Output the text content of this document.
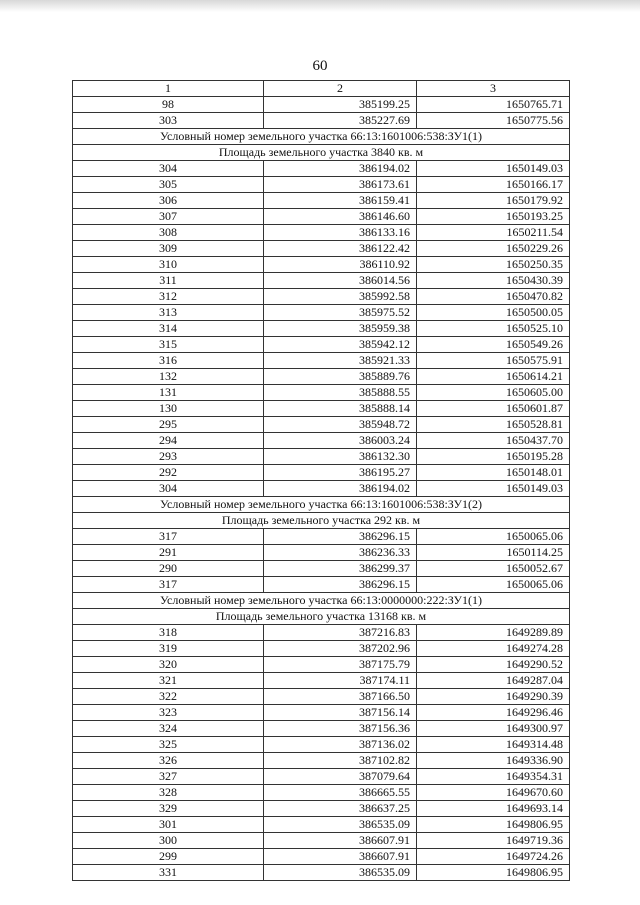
60
1	2	3
98	385199.25	1650765.71
303	385227.69	1650775.56
Условный номер земельного участка 66:13:1601006:538:ЗУ1(1)		
Площадь земельного участка 3840 кв. м		
304	386194.02	1650149.03
305	386173.61	1650166.17
306	386159.41	1650179.92
307	386146.60	1650193.25
308	386133.16	1650211.54
309	386122.42	1650229.26
310	386110.92	1650250.35
311	386014.56	1650430.39
312	385992.58	1650470.82
313	385975.52	1650500.05
314	385959.38	1650525.10
315	385942.12	1650549.26
316	385921.33	1650575.91
132	385889.76	1650614.21
131	385888.55	1650605.00
130	385888.14	1650601.87
295	385948.72	1650528.81
294	386003.24	1650437.70
293	386132.30	1650195.28
292	386195.27	1650148.01
304	386194.02	1650149.03
Условный номер земельного участка 66:13:1601006:538:ЗУ1(2)		
Площадь земельного участка 292 кв. м		
317	386296.15	1650065.06
291	386236.33	1650114.25
290	386299.37	1650052.67
317	386296.15	1650065.06
Условный номер земельного участка 66:13:0000000:222:ЗУ1(1)		
Площадь земельного участка 13168 кв. м		
318	387216.83	1649289.89
319	387202.96	1649274.28
320	387175.79	1649290.52
321	387174.11	1649287.04
322	387166.50	1649290.39
323	387156.14	1649296.46
324	387156.36	1649300.97
325	387136.02	1649314.48
326	387102.82	1649336.90
327	387079.64	1649354.31
328	386665.55	1649670.60
329	386637.25	1649693.14
301	386535.09	1649806.95
300	386607.91	1649719.36
299	386607.91	1649724.26
331	386535.09	1649806.95
